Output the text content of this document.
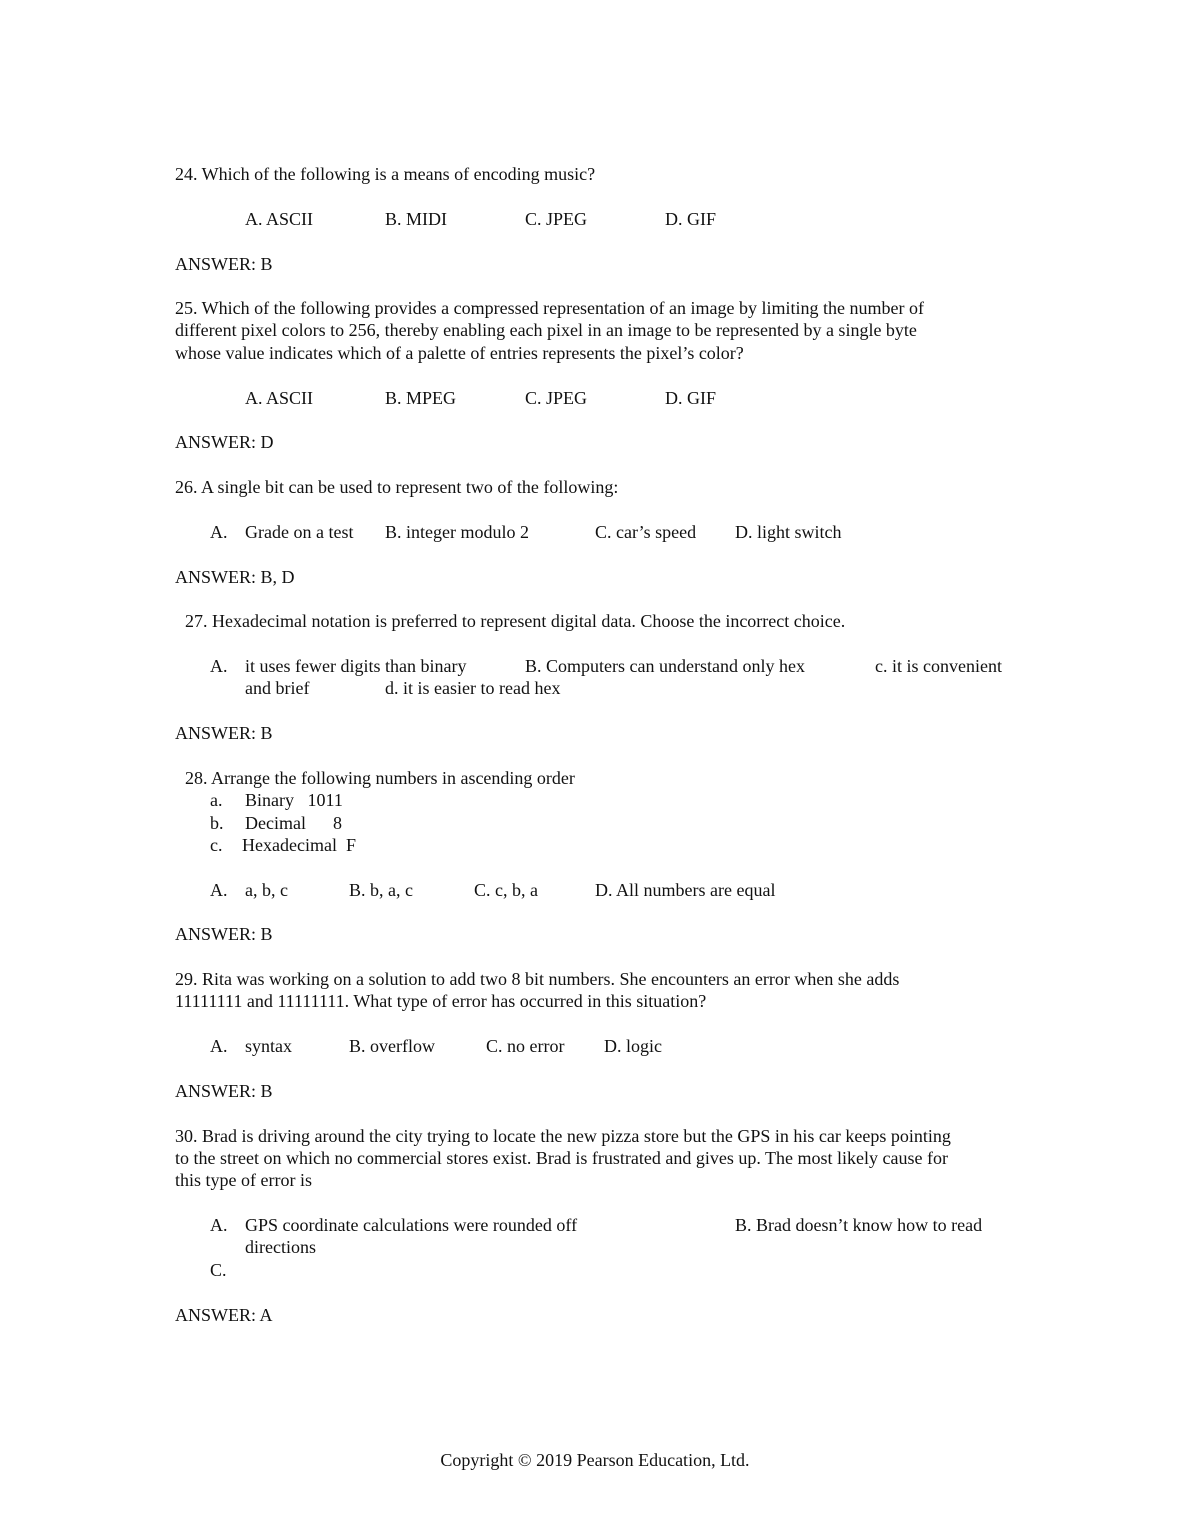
24. Which of the following is a means of encoding music?
A. ASCII	B. MIDI	C. JPEG	D. GIF
ANSWER: B
25. Which of the following provides a compressed representation of an image by limiting the number of
different pixel colors to 256, thereby enabling each pixel in an image to be represented by a single byte
whose value indicates which of a palette of entries represents the pixel’s color?
A. ASCII	B. MPEG	C. JPEG	D. GIF
ANSWER: D
26. A single bit can be used to represent two of the following:
A. Grade on a test B. integer modulo 2	C. car’s speed D. light switch
ANSWER: B, D
27. Hexadecimal notation is preferred to represent digital data. Choose the incorrect choice.
A. it uses fewer digits than binary	B. Computers can understand only hex	c. it is convenient
and brief	d. it is easier to read hex
ANSWER: B
28. Arrange the following numbers in ascending order
a. Binary   1011
b. Decimal      8
c. Hexadecimal  F
A. a, b, c	B. b, a, c	C. c, b, a	D. All numbers are equal
ANSWER: B
29. Rita was working on a solution to add two 8 bit numbers. She encounters an error when she adds
11111111 and 11111111. What type of error has occurred in this situation?
A. syntax	B. overflow	C. no error D. logic
ANSWER: B
30. Brad is driving around the city trying to locate the new pizza store but the GPS in his car keeps pointing
to the street on which no commercial stores exist. Brad is frustrated and gives up. The most likely cause for
this type of error is
A. GPS coordinate calculations were rounded off	B. Brad doesn’t know how to read
directions
C.
ANSWER: A
Copyright © 2019 Pearson Education, Ltd.
